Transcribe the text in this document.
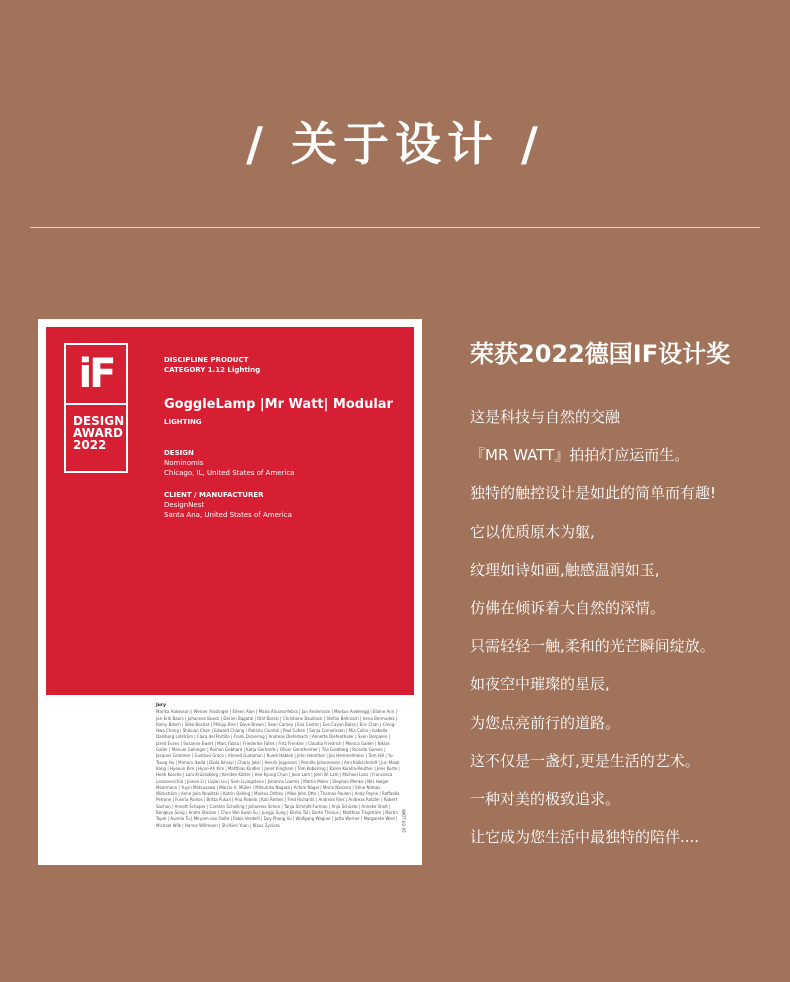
/ 关于设计 /
iF
DESIGN
AWARD
2022

DISCIPLINE PRODUCT

CATEGORY 1.12 Lighting

GoggleLamp |Mr Watt| Modular

LIGHTING

DESIGN

Nominomis
Chicago, IL, United States of America

CLIENT / MANUFACTURER

DesignNest
Santa Ana, United States of America

Jury
Marika Aakesson | Werner Aisslinger | Eileen Alan | Mario Alvarez-Yebra | Jan Andersson | Markus Anderegg | Elaine Ann | Jan-Erik Baars | Johannes Bueck | Dorien Bagatal | Olaf Barski | Christiane Bauklack | Stefan Behnisch | Irena Bermudez | Romy Bitsch | Silke Bochat | Philipp Brie | Dave Brown | Sean Carney | Eva Castro | Eve Cayan Balsa | Eric Chan | Ching-Hwa Chang | Shikuan Chen | Edward Chiang | Patrizio Cionfoli | Paul Cohen | Sonja Cornelissen | Mia Cullin | Isabelle Dahlborg Lidström | Clara del Portillo | Frank Dickering | Andreas Dieferbach | Annette Diefenthaler | Sven Dorpalen | Jared Evans | Susanne Ewert | Marc Fabra | Friederike Fallet | Fritz Frenkler | Claudia Friedrich | Monica Gallen | Niklas Galler | Manuel Gahinger | Roman Gebhard | Katja Gerhards | Oliver Gerstheimer | Tila Goldberg | Ricardo Gomes | Jacques Grimmer | Gustavo Greco | Ahmed Gudaman | Ruedi Hablok | John Hamilton | Jiia Hemmelmeier | Tom Hill | Yu-Tsung Hu | Mimoru Ikeda | Diala Ikhsuji | Charly Jabri | Henrik Jeppesen | Pernille Johanneson | Ami Kalkschmidt | Jun Mook Kang | Hyeoun Kim | Hyun-Ah Kim | Matthias Kindler | Janet Kingham | Tom Koberling | Karen Korella-Reuther | Jens Korte | Henk Kosche | Lars Krückeberg | Kersten Kütter | Hee Kyung Chun | Joon Lam | John W. Lam | Michael Lanz | Francesca Lanzavecchia | Jianan Li | Liqian Liu | Sam Livingstone | Johanna Loomis | Martin Meier | Stephan Menke | Nils Holger Moormann | Yuyin Motsusawa | Marcio A. Müller | Mitsuhiko Nagata | Achim Nagel | Maria Navarro | Stine Nilmas Wickström | Anne Julia Nowitzki | Katrin Oelling | Markus Orthey | Mike John Otto | Thomas Paulen | Andy Payne | Raffaella Perrone | Fulvria Ponlos | Britta Pukall | Ana Rebelo | Kati Remes | Fred Richards | Andreas Ries | Andreas Rotzler | Robert Sachon | Annett Schaper | Carsten Schelling | Johannes Schen | Tanja Schmitt-Furman | Anja Schüste | Anneke Sholt | Bongkyu Song | Andre Stocker | Chun Wei Swan Su | Jungju Sung | Elisha Tal | Dorte Thinius | Matthias Tingström | Martin Topel | Aurelie Tu | Miryam van Oolte | Fabio Verdelli | Duy Phong Vu | Wolfgang Wagner | Jutta Werner | Margarete Wies | Michael Wilk | Hanne Willmann | Shi-Kien Yuan | Klaus Zyciora	WATT-02-05
荣获2022德国IF设计奖

这是科技与自然的交融

『MR WATT』拍拍灯应运而生。

独特的触控设计是如此的简单而有趣!

它以优质原木为躯,

纹理如诗如画,触感温润如玉,

仿佛在倾诉着大自然的深情。

只需轻轻一触,柔和的光芒瞬间绽放。

如夜空中璀璨的星辰,

为您点亮前行的道路。

这不仅是一盏灯,更是生活的艺术。

一种对美的极致追求。

让它成为您生活中最独特的陪伴....
